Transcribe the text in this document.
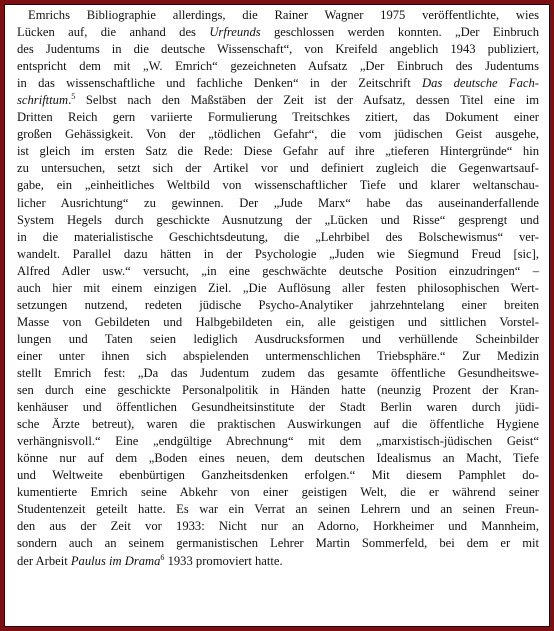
Emrichs Bibliographie allerdings, die Rainer Wagner 1975 veröffentlichte, wies
Lücken auf, die anhand des Urfreunds geschlossen werden konnten. „Der Einbruch
des Judentums in die deutsche Wissenschaft“, von Kreifeld angeblich 1943 publiziert,
entspricht dem mit „W. Emrich“ gezeichneten Aufsatz „Der Einbruch des Judentums
in das wissenschaftliche und fachliche Denken“ in der Zeitschrift Das deutsche Fach-
schrifttum.$^5$ Selbst nach den Maßstäben der Zeit ist der Aufsatz, dessen Titel eine im
Dritten Reich gern variierte Formulierung Treitschkes zitiert, das Dokument einer
großen Gehässigkeit. Von der „tödlichen Gefahr“, die vom jüdischen Geist ausgehe,
ist gleich im ersten Satz die Rede: Diese Gefahr auf ihre „tieferen Hintergründe“ hin
zu untersuchen, setzt sich der Artikel vor und definiert zugleich die Gegenwartsauf-
gabe, ein „einheitliches Weltbild von wissenschaftlicher Tiefe und klarer weltanschau-
licher Ausrichtung“ zu gewinnen. Der „Jude Marx“ habe das auseinanderfallende
System Hegels durch geschickte Ausnutzung der „Lücken und Risse“ gesprengt und
in die materialistische Geschichtsdeutung, die „Lehrbibel des Bolschewismus“ ver-
wandelt. Parallel dazu hätten in der Psychologie „Juden wie Siegmund Freud [sic],
Alfred Adler usw.“ versucht, „in eine geschwächte deutsche Position einzudringen“ –
auch hier mit einem einzigen Ziel. „Die Auflösung aller festen philosophischen Wert-
setzungen nutzend, redeten jüdische Psycho-Analytiker jahrzehntelang einer breiten
Masse von Gebildeten und Halbgebildeten ein, alle geistigen und sittlichen Vorstel-
lungen und Taten seien lediglich Ausdrucksformen und verhüllende Scheinbilder
einer unter ihnen sich abspielenden untermenschlichen Triebsphäre.“ Zur Medizin
stellt Emrich fest: „Da das Judentum zudem das gesamte öffentliche Gesundheitswe-
sen durch eine geschickte Personalpolitik in Händen hatte (neunzig Prozent der Kran-
kenhäuser und öffentlichen Gesundheitsinstitute der Stadt Berlin waren durch jüdi-
sche Ärzte betreut), waren die praktischen Auswirkungen auf die öffentliche Hygiene
verhängnisvoll.“ Eine „endgültige Abrechnung“ mit dem „marxistisch-jüdischen Geist“
könne nur auf dem „Boden eines neuen, dem deutschen Idealismus an Macht, Tiefe
und Weltweite ebenbürtigen Ganzheitsdenken erfolgen.“ Mit diesem Pamphlet do-
kumentierte Emrich seine Abkehr von einer geistigen Welt, die er während seiner
Studentenzeit geteilt hatte. Es war ein Verrat an seinen Lehrern und an seinen Freun-
den aus der Zeit vor 1933: Nicht nur an Adorno, Horkheimer und Mannheim,
sondern auch an seinem germanistischen Lehrer Martin Sommerfeld, bei dem er mit
der Arbeit Paulus im Drama$^6$ 1933 promoviert hatte.
